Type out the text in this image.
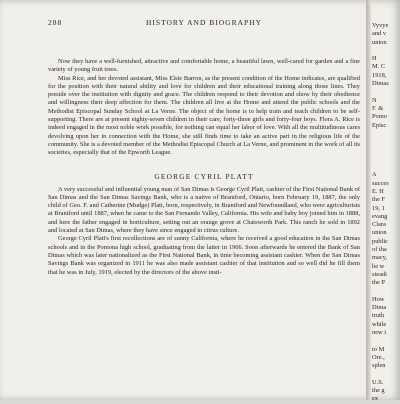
288	HISTORY AND BIOGRAPHY

Now they have a well-furnished, attractive and comfortable home, a beautiful lawn, well-cared for garden and a fine variety of young fruit trees.

Miss Rice, and her devoted assistant, Miss Elsie Barron, as the present condition of the Home indicates, are qualified for the position with their natural ability and love for children and their educational training along those lines. They preside over the institution with dignity and grace. The children respond to their devotion and show by their obedience and willingness their deep affection for them. The children all live at the Home and attend the public schools and the Methodist Episcopal Sunday School at La Verne. The object of the home is to help train and teach children to be self-supporting. There are at present eighty-seven children in their care, forty-three girls and forty-four boys. Flora A. Rice is indeed engaged in the most noble work possible, for nothing can equal her labor of love. With all the multitudinous cares devolving upon her in connection with the Home, she still finds time to take an active part in the religious life of the community. She is a devoted member of the Methodist Episcopal Church at La Verne, and prominent in the work of all its societies, especially that of the Epworth League.

GEORGE CYRIL PLATT

A very successful and influential young man of San Dimas is George Cyril Platt, cashier of the First National Bank of San Dimas and the San Dimas Savings Bank, who is a native of Brantford, Ontario, born February 19, 1887, the only child of Geo. F. and Catherine (Mudge) Platt, born, respectively, in Brantford and Newfoundland, who were agriculturists at Brantford until 1887, when he came to the San Fernando Valley, California. His wife and baby boy joined him in 1888, and here the father engaged in horticulture, setting out an orange grove at Chatsworth Park. This ranch he sold in 1892 and located at San Dimas, where they have since engaged in citrus culture.

George Cyril Platt's first recollections are of sunny California, where he received a good education in the San Dimas schools and in the Pomona high school, graduating from the latter in 1906. Soon afterwards he entered the Bank of San Dimas which was later nationalized as the First National Bank, in time becoming assistant cashier. When the San Dimas Savings Bank was organized in 1911 he was also made assistant cashier of that institution and so well did he fill them that he was in July, 1919, elected by the directors of the above insti-

Vyvye
and v
union
H
M. C
1918,
Dimas
N
F. &
Pomo
Episc
A
succes
E. H
the F
19, 1
evang
Clara
union
public
of tha
macy,
he w
steadi
the P
How
Dima
truth
while
new i
to M
Ore.,
splen
U.S.
the g
ex
